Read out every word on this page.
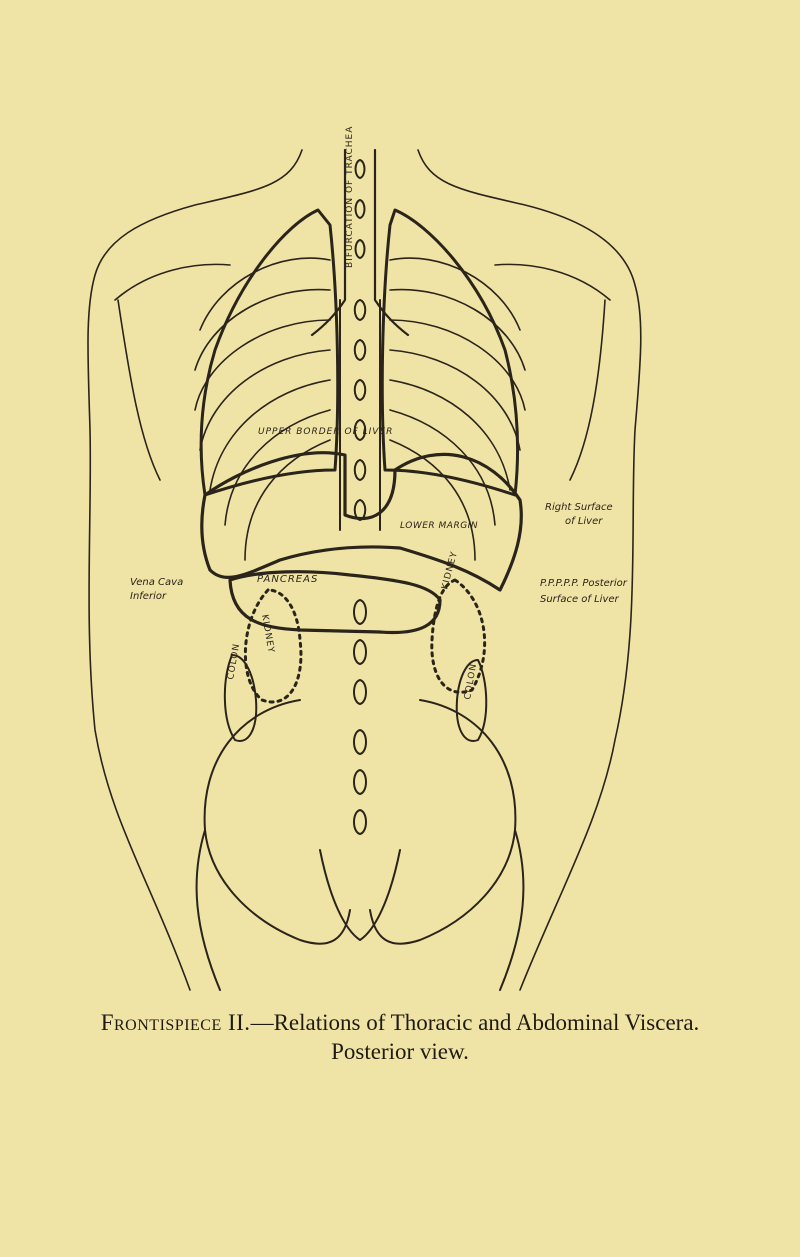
BIFURCATION OF TRACHEA
UPPER BORDER OF LIVER
Right Surface
of Liver
P.P.P.P.P. Posterior
Surface of Liver
Vena Cava
Inferior
PANCREAS
LOWER MARGIN
KIDNEY
KIDNEY
COLON
COLON
Frontispiece II.—Relations of Thoracic and Abdominal Viscera.
Posterior view.
